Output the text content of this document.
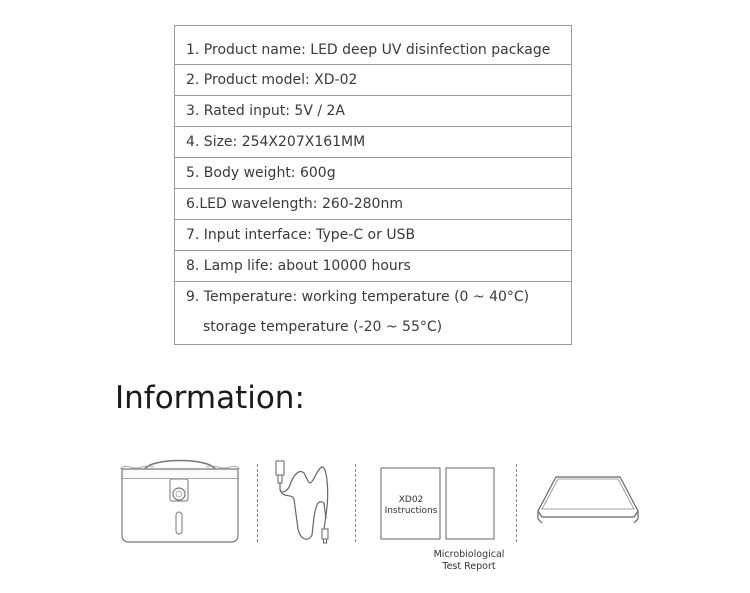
1. Product name: LED deep UV disinfection package
2. Product model: XD-02
3. Rated input: 5V / 2A
4. Size: 254X207X161MM
5. Body weight: 600g
6.LED wavelength: 260-280nm
7. Input interface: Type-C or USB
8. Lamp life: about 10000 hours
9. Temperature: working temperature (0 ~ 40°C)
storage temperature (-20 ~ 55°C)
Information:
XD02
Instructions
Microbiological
Test Report
